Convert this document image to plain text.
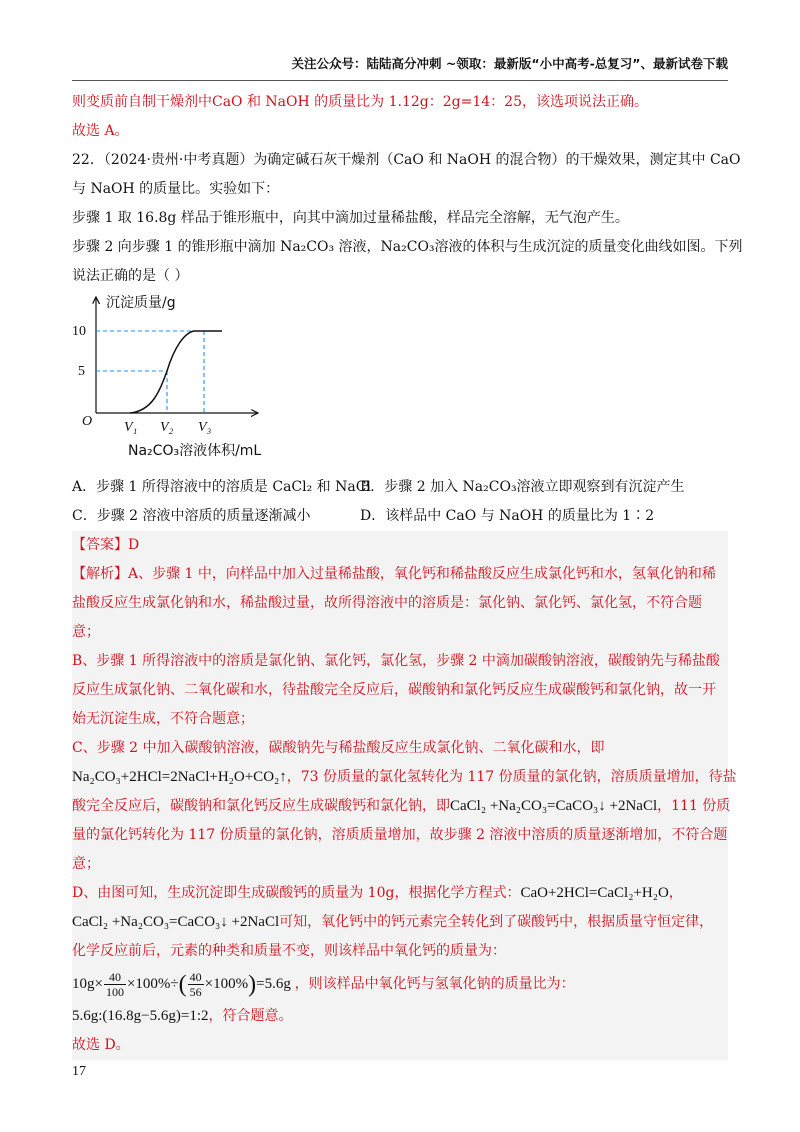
关注公众号：陆陆高分冲刺 ~领取：最新版“小中高考-总复习”、最新试卷下载
则变质前自制干燥剂中CaO 和 NaOH 的质量比为 1.12g：2g=14：25，该选项说法正确。
故选 A。
22．（2024·贵州·中考真题）为确定碱石灰干燥剂（CaO 和 NaOH 的混合物）的干燥效果，测定其中 CaO
与 NaOH 的质量比。实验如下：
步骤 1 取 16.8g 样品于锥形瓶中，向其中滴加过量稀盐酸，样品完全溶解，无气泡产生。
步骤 2 向步骤 1 的锥形瓶中滴加 Na₂CO₃ 溶液，Na₂CO₃溶液的体积与生成沉淀的质量变化曲线如图。下列
说法正确的是（ ）
沉淀质量/g
O
5
10
V₁ V₂ V₃
Na₂CO₃溶液体积/mL
A．步骤 1 所得溶液中的溶质是 CaCl₂ 和 NaCl
B．步骤 2 加入 Na₂CO₃溶液立即观察到有沉淀产生
C．步骤 2 溶液中溶质的质量逐渐减小	D．该样品中 CaO 与 NaOH 的质量比为 1∶2
【答案】D
【解析】A、步骤 1 中，向样品中加入过量稀盐酸，氧化钙和稀盐酸反应生成氯化钙和水，氢氧化钠和稀
盐酸反应生成氯化钠和水，稀盐酸过量，故所得溶液中的溶质是：氯化钠、氯化钙、氯化氢，不符合题
意；
B、步骤 1 所得溶液中的溶质是氯化钠、氯化钙，氯化氢，步骤 2 中滴加碳酸钠溶液，碳酸钠先与稀盐酸
反应生成氯化钠、二氧化碳和水，待盐酸完全反应后，碳酸钠和氯化钙反应生成碳酸钙和氯化钠，故一开
始无沉淀生成，不符合题意；
C、步骤 2 中加入碳酸钠溶液，碳酸钠先与稀盐酸反应生成氯化钠、二氧化碳和水，即
Na₂CO₃+2HCl=2NaCl+H₂O+CO₂↑，73 份质量的氯化氢转化为 117 份质量的氯化钠，溶质质量增加，待盐
酸完全反应后，碳酸钠和氯化钙反应生成碳酸钙和氯化钠，即CaCl₂ +Na₂CO₃=CaCO₃↓ +2NaCl，111 份质
量的氯化钙转化为 117 份质量的氯化钠，溶质质量增加，故步骤 2 溶液中溶质的质量逐渐增加，不符合题
意；
D、由图可知，生成沉淀即生成碳酸钙的质量为 10g，根据化学方程式：CaO+2HCl=CaCl₂+H₂O，
CaCl₂ +Na₂CO₃=CaCO₃↓ +2NaCl可知，氧化钙中的钙元素完全转化到了碳酸钙中，根据质量守恒定律，
化学反应前后，元素的种类和质量不变，则该样品中氧化钙的质量为：
$10g\times \frac{40}{100} \times 100\%\div( \frac{40}{56} \times 100\%)=5.6g$ ，则该样品中氧化钙与氢氧化钠的质量比为：
5.6g:(16.8g−5.6g)=1:2，符合题意。
故选 D。
17
